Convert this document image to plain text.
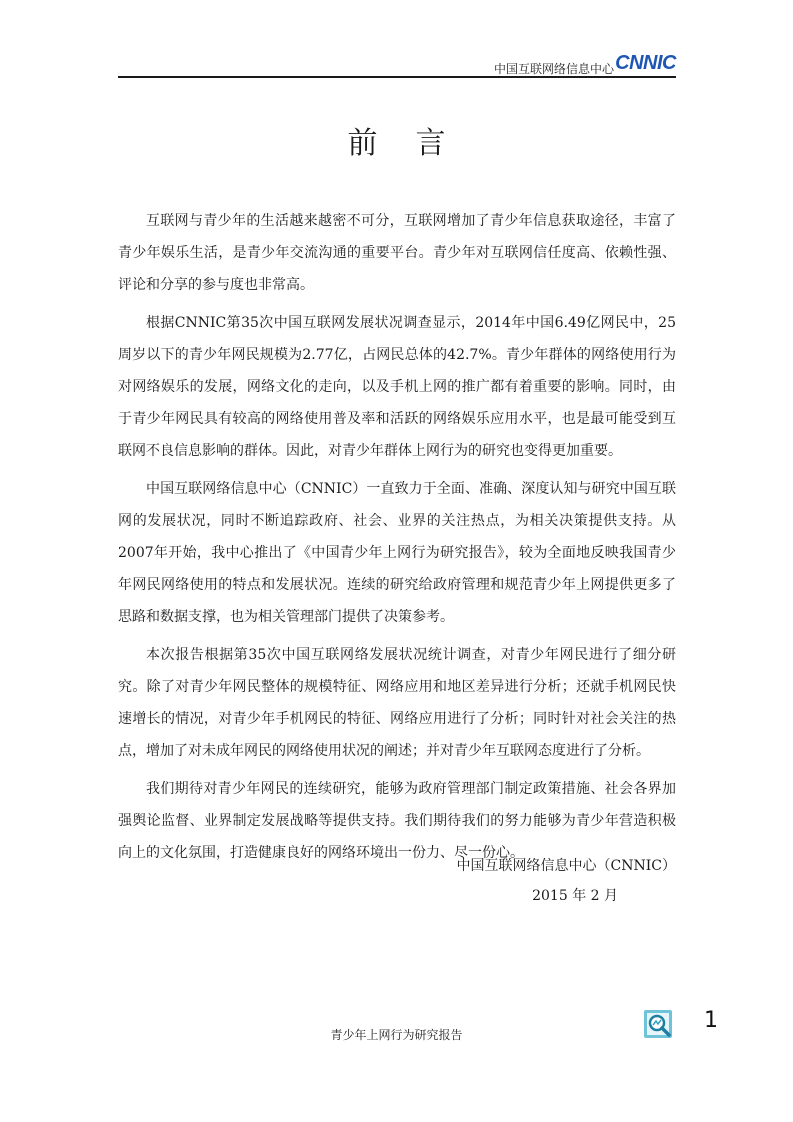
中国互联网络信息中心 CNNIC
前言

互联网与青少年的生活越来越密不可分，互联网增加了青少年信息获取途径，丰富了青少年娱乐生活，是青少年交流沟通的重要平台。青少年对互联网信任度高、依赖性强、评论和分享的参与度也非常高。

根据CNNIC第35次中国互联网发展状况调查显示，2014年中国6.49亿网民中，25周岁以下的青少年网民规模为2.77亿，占网民总体的42.7%。青少年群体的网络使用行为对网络娱乐的发展，网络文化的走向，以及手机上网的推广都有着重要的影响。同时，由于青少年网民具有较高的网络使用普及率和活跃的网络娱乐应用水平，也是最可能受到互联网不良信息影响的群体。因此，对青少年群体上网行为的研究也变得更加重要。

中国互联网络信息中心（CNNIC）一直致力于全面、准确、深度认知与研究中国互联网的发展状况，同时不断追踪政府、社会、业界的关注热点，为相关决策提供支持。从2007年开始，我中心推出了《中国青少年上网行为研究报告》，较为全面地反映我国青少年网民网络使用的特点和发展状况。连续的研究给政府管理和规范青少年上网提供更多了思路和数据支撑，也为相关管理部门提供了决策参考。

本次报告根据第35次中国互联网络发展状况统计调查，对青少年网民进行了细分研究。除了对青少年网民整体的规模特征、网络应用和地区差异进行分析；还就手机网民快速增长的情况，对青少年手机网民的特征、网络应用进行了分析；同时针对社会关注的热点，增加了对未成年网民的网络使用状况的阐述；并对青少年互联网态度进行了分析。

我们期待对青少年网民的连续研究，能够为政府管理部门制定政策措施、社会各界加强舆论监督、业界制定发展战略等提供支持。我们期待我们的努力能够为青少年营造积极向上的文化氛围，打造健康良好的网络环境出一份力、尽一份心。

中国互联网络信息中心（CNNIC）
2015 年 2 月
青少年上网行为研究报告
1
